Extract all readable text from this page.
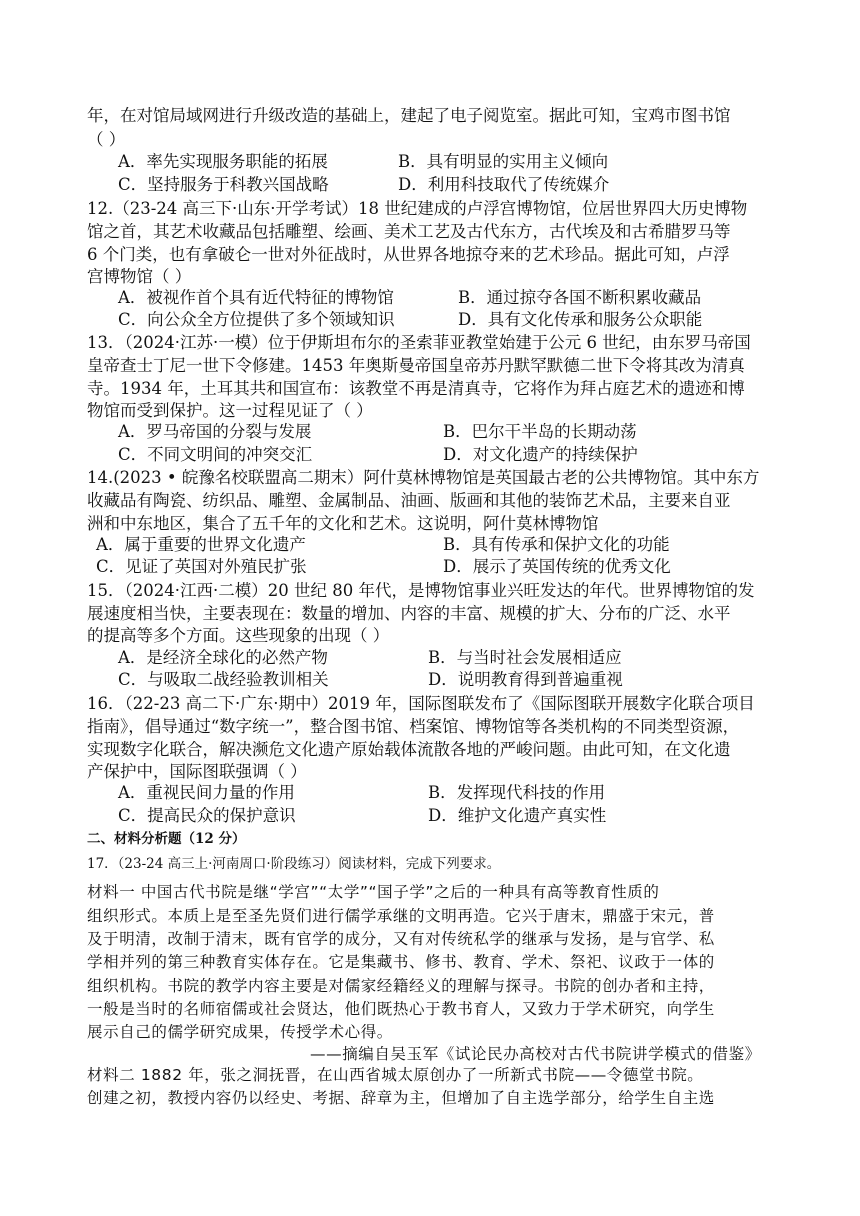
年，在对馆局域网进行升级改造的基础上，建起了电子阅览室。据此可知，宝鸡市图书馆
（ ）
A．率先实现服务职能的拓展	B．具有明显的实用主义倾向
C．坚持服务于科教兴国战略	D．利用科技取代了传统媒介
12.（23-24 高三下·山东·开学考试）18 世纪建成的卢浮宫博物馆，位居世界四大历史博物
馆之首，其艺术收藏品包括雕塑、绘画、美术工艺及古代东方，古代埃及和古希腊罗马等
6 个门类，也有拿破仑一世对外征战时，从世界各地掠夺来的艺术珍品。据此可知，卢浮
宫博物馆（ ）
A．被视作首个具有近代特征的博物馆	B．通过掠夺各国不断积累收藏品
C．向公众全方位提供了多个领域知识	D．具有文化传承和服务公众职能
13．（2024·江苏·一模）位于伊斯坦布尔的圣索菲亚教堂始建于公元 6 世纪，由东罗马帝国
皇帝查士丁尼一世下令修建。1453 年奥斯曼帝国皇帝苏丹默罕默德二世下令将其改为清真
寺。1934 年，土耳其共和国宣布：该教堂不再是清真寺，它将作为拜占庭艺术的遗迹和博
物馆而受到保护。这一过程见证了（ ）
A．罗马帝国的分裂与发展	B．巴尔干半岛的长期动荡
C．不同文明间的冲突交汇	D．对文化遗产的持续保护
14.(2023 • 皖豫名校联盟高二期末）阿什莫林博物馆是英国最古老的公共博物馆。其中东方
收藏品有陶瓷、纺织品、雕塑、金属制品、油画、版画和其他的装饰艺术品，主要来自亚
洲和中东地区，集合了五千年的文化和艺术。这说明，阿什莫林博物馆
A．属于重要的世界文化遗产	B．具有传承和保护文化的功能
C．见证了英国对外殖民扩张	D．展示了英国传统的优秀文化
15．（2024·江西·二模）20 世纪 80 年代，是博物馆事业兴旺发达的年代。世界博物馆的发
展速度相当快，主要表现在：数量的增加、内容的丰富、规模的扩大、分布的广泛、水平
的提高等多个方面。这些现象的出现（ ）
A．是经济全球化的必然产物	B．与当时社会发展相适应
C．与吸取二战经验教训相关	D．说明教育得到普遍重视
16．（22-23 高二下·广东·期中）2019 年，国际图联发布了《国际图联开展数字化联合项目
指南》，倡导通过“数字统一”，整合图书馆、档案馆、博物馆等各类机构的不同类型资源，
实现数字化联合，解决濒危文化遗产原始载体流散各地的严峻问题。由此可知，在文化遗
产保护中，国际图联强调（ ）
A．重视民间力量的作用	B．发挥现代科技的作用
C．提高民众的保护意识	D．维护文化遗产真实性
二、材料分析题（12 分）
17．（23-24 高三上·河南周口·阶段练习）阅读材料，完成下列要求。
材料一 中国古代书院是继“学宫”“太学”“国子学”之后的一种具有高等教育性质的
组织形式。本质上是至圣先贤们进行儒学承继的文明再造。它兴于唐末，鼎盛于宋元，普
及于明清，改制于清末，既有官学的成分，又有对传统私学的继承与发扬，是与官学、私
学相并列的第三种教育实体存在。它是集藏书、修书、教育、学术、祭祀、议政于一体的
组织机构。书院的教学内容主要是对儒家经籍经义的理解与探寻。书院的创办者和主持，
一般是当时的名师宿儒或社会贤达，他们既热心于教书育人，又致力于学术研究，向学生
展示自己的儒学研究成果，传授学术心得。
——摘编自吴玉军《试论民办高校对古代书院讲学模式的借鉴》
材料二 1882 年，张之洞抚晋，在山西省城太原创办了一所新式书院——令德堂书院。
创建之初，教授内容仍以经史、考据、辞章为主，但增加了自主选学部分，给学生自主选
